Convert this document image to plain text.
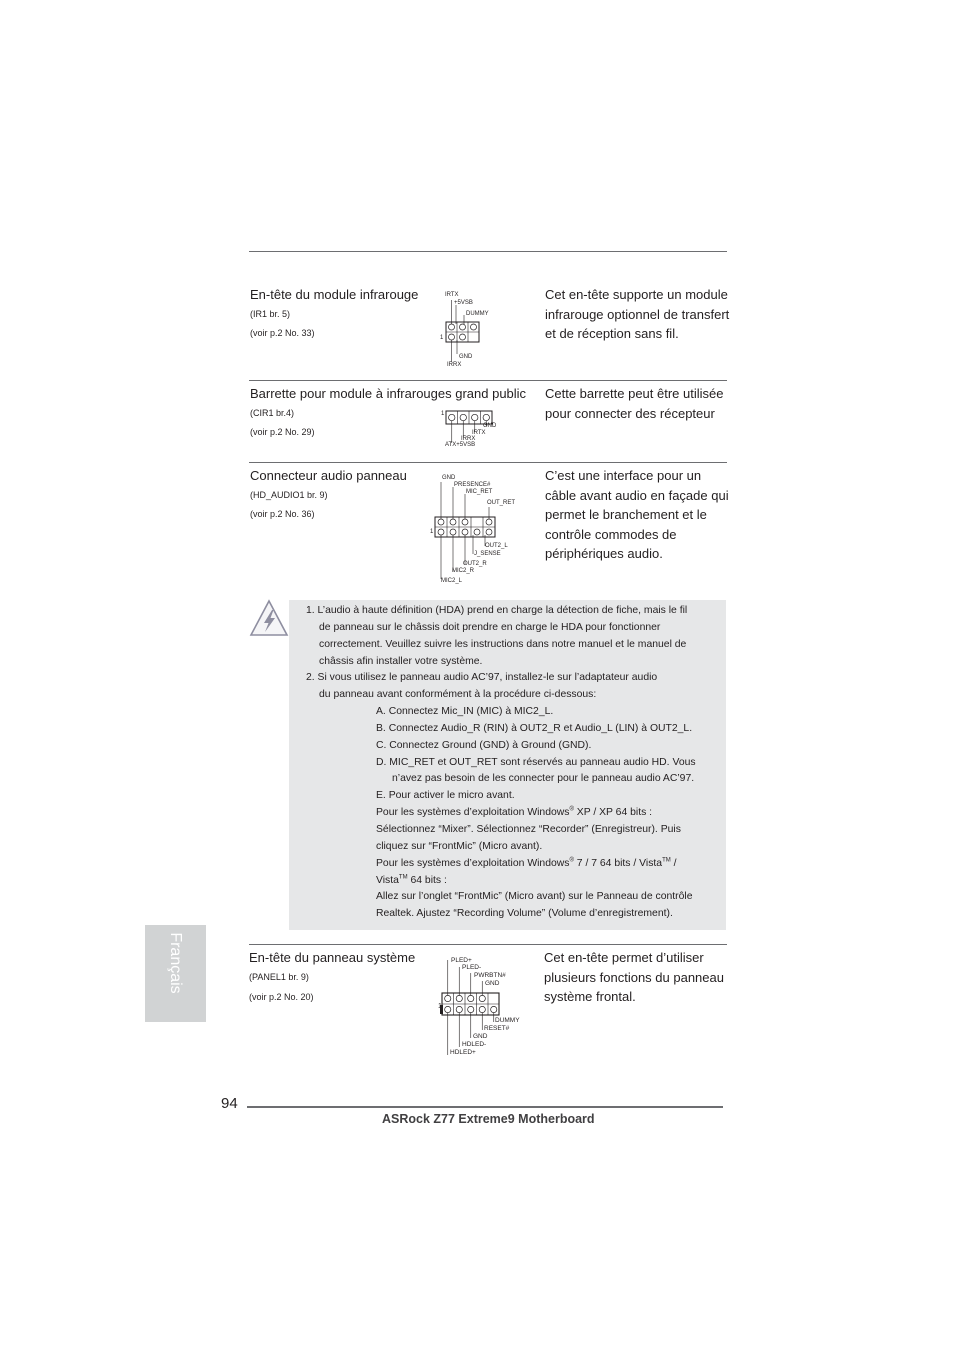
En-tête du module infrarouge
(IR1 br. 5)
(voir p.2 No. 33)
Cet en-tête supporte un module
infrarouge optionnel de transfert
et de réception sans fil.
IRTX
+5VSB
DUMMY
1
GND
IRRX
Barrette pour module à infrarouges grand public
(CIR1 br.4)
(voir p.2 No. 29)
Cette barrette peut être utilisée
pour connecter des récepteur
1
GND
IRTX
IRRX
ATX+5VSB
Connecteur audio panneau
(HD_AUDIO1 br. 9)
(voir p.2 No. 36)
C’est une interface pour un
câble avant audio en façade qui
permet le branchement et le
contrôle commodes de
périphériques audio.
GND
PRESENCE#
MIC_RET
OUT_RET
1
OUT2_L
J_SENSE
OUT2_R
MIC2_R
MIC2_L
1. L’audio à haute définition (HDA) prend en charge la détection de fiche, mais le fil
de panneau sur le châssis doit prendre en charge le HDA pour fonctionner
correctement. Veuillez suivre les instructions dans notre manuel et le manuel de
châssis afin installer votre système.
2. Si vous utilisez le panneau audio AC’97, installez-le sur l’adaptateur audio
du panneau avant conformément à la procédure ci-dessous:
A. Connectez Mic_IN (MIC) à MIC2_L.
B. Connectez Audio_R (RIN) à OUT2_R et Audio_L (LIN) à OUT2_L.
C. Connectez Ground (GND) à Ground (GND).
D. MIC_RET et OUT_RET sont réservés au panneau audio HD. Vous
n’avez pas besoin de les connecter pour le panneau audio AC’97.
E. Pour activer le micro avant.
Pour les systèmes d’exploitation Windows® XP / XP 64 bits :
Sélectionnez “Mixer”. Sélectionnez “Recorder” (Enregistreur). Puis
cliquez sur “FrontMic” (Micro avant).
Pour les systèmes d’exploitation Windows® 7 / 7 64 bits / Vista™ /
Vista™ 64 bits :
Allez sur l’onglet “FrontMic” (Micro avant) sur le Panneau de contrôle
Realtek. Ajustez “Recording Volume” (Volume d’enregistrement).
En-tête du panneau système
(PANEL1 br. 9)
(voir p.2 No. 20)
Cet en-tête permet d’utiliser
plusieurs fonctions du panneau
système frontal.
PLED+
PLED-
PWRBTN#
GND
1
DUMMY
RESET#
GND
HDLED-
HDLED+
Français
94
ASRock Z77 Extreme9 Motherboard
